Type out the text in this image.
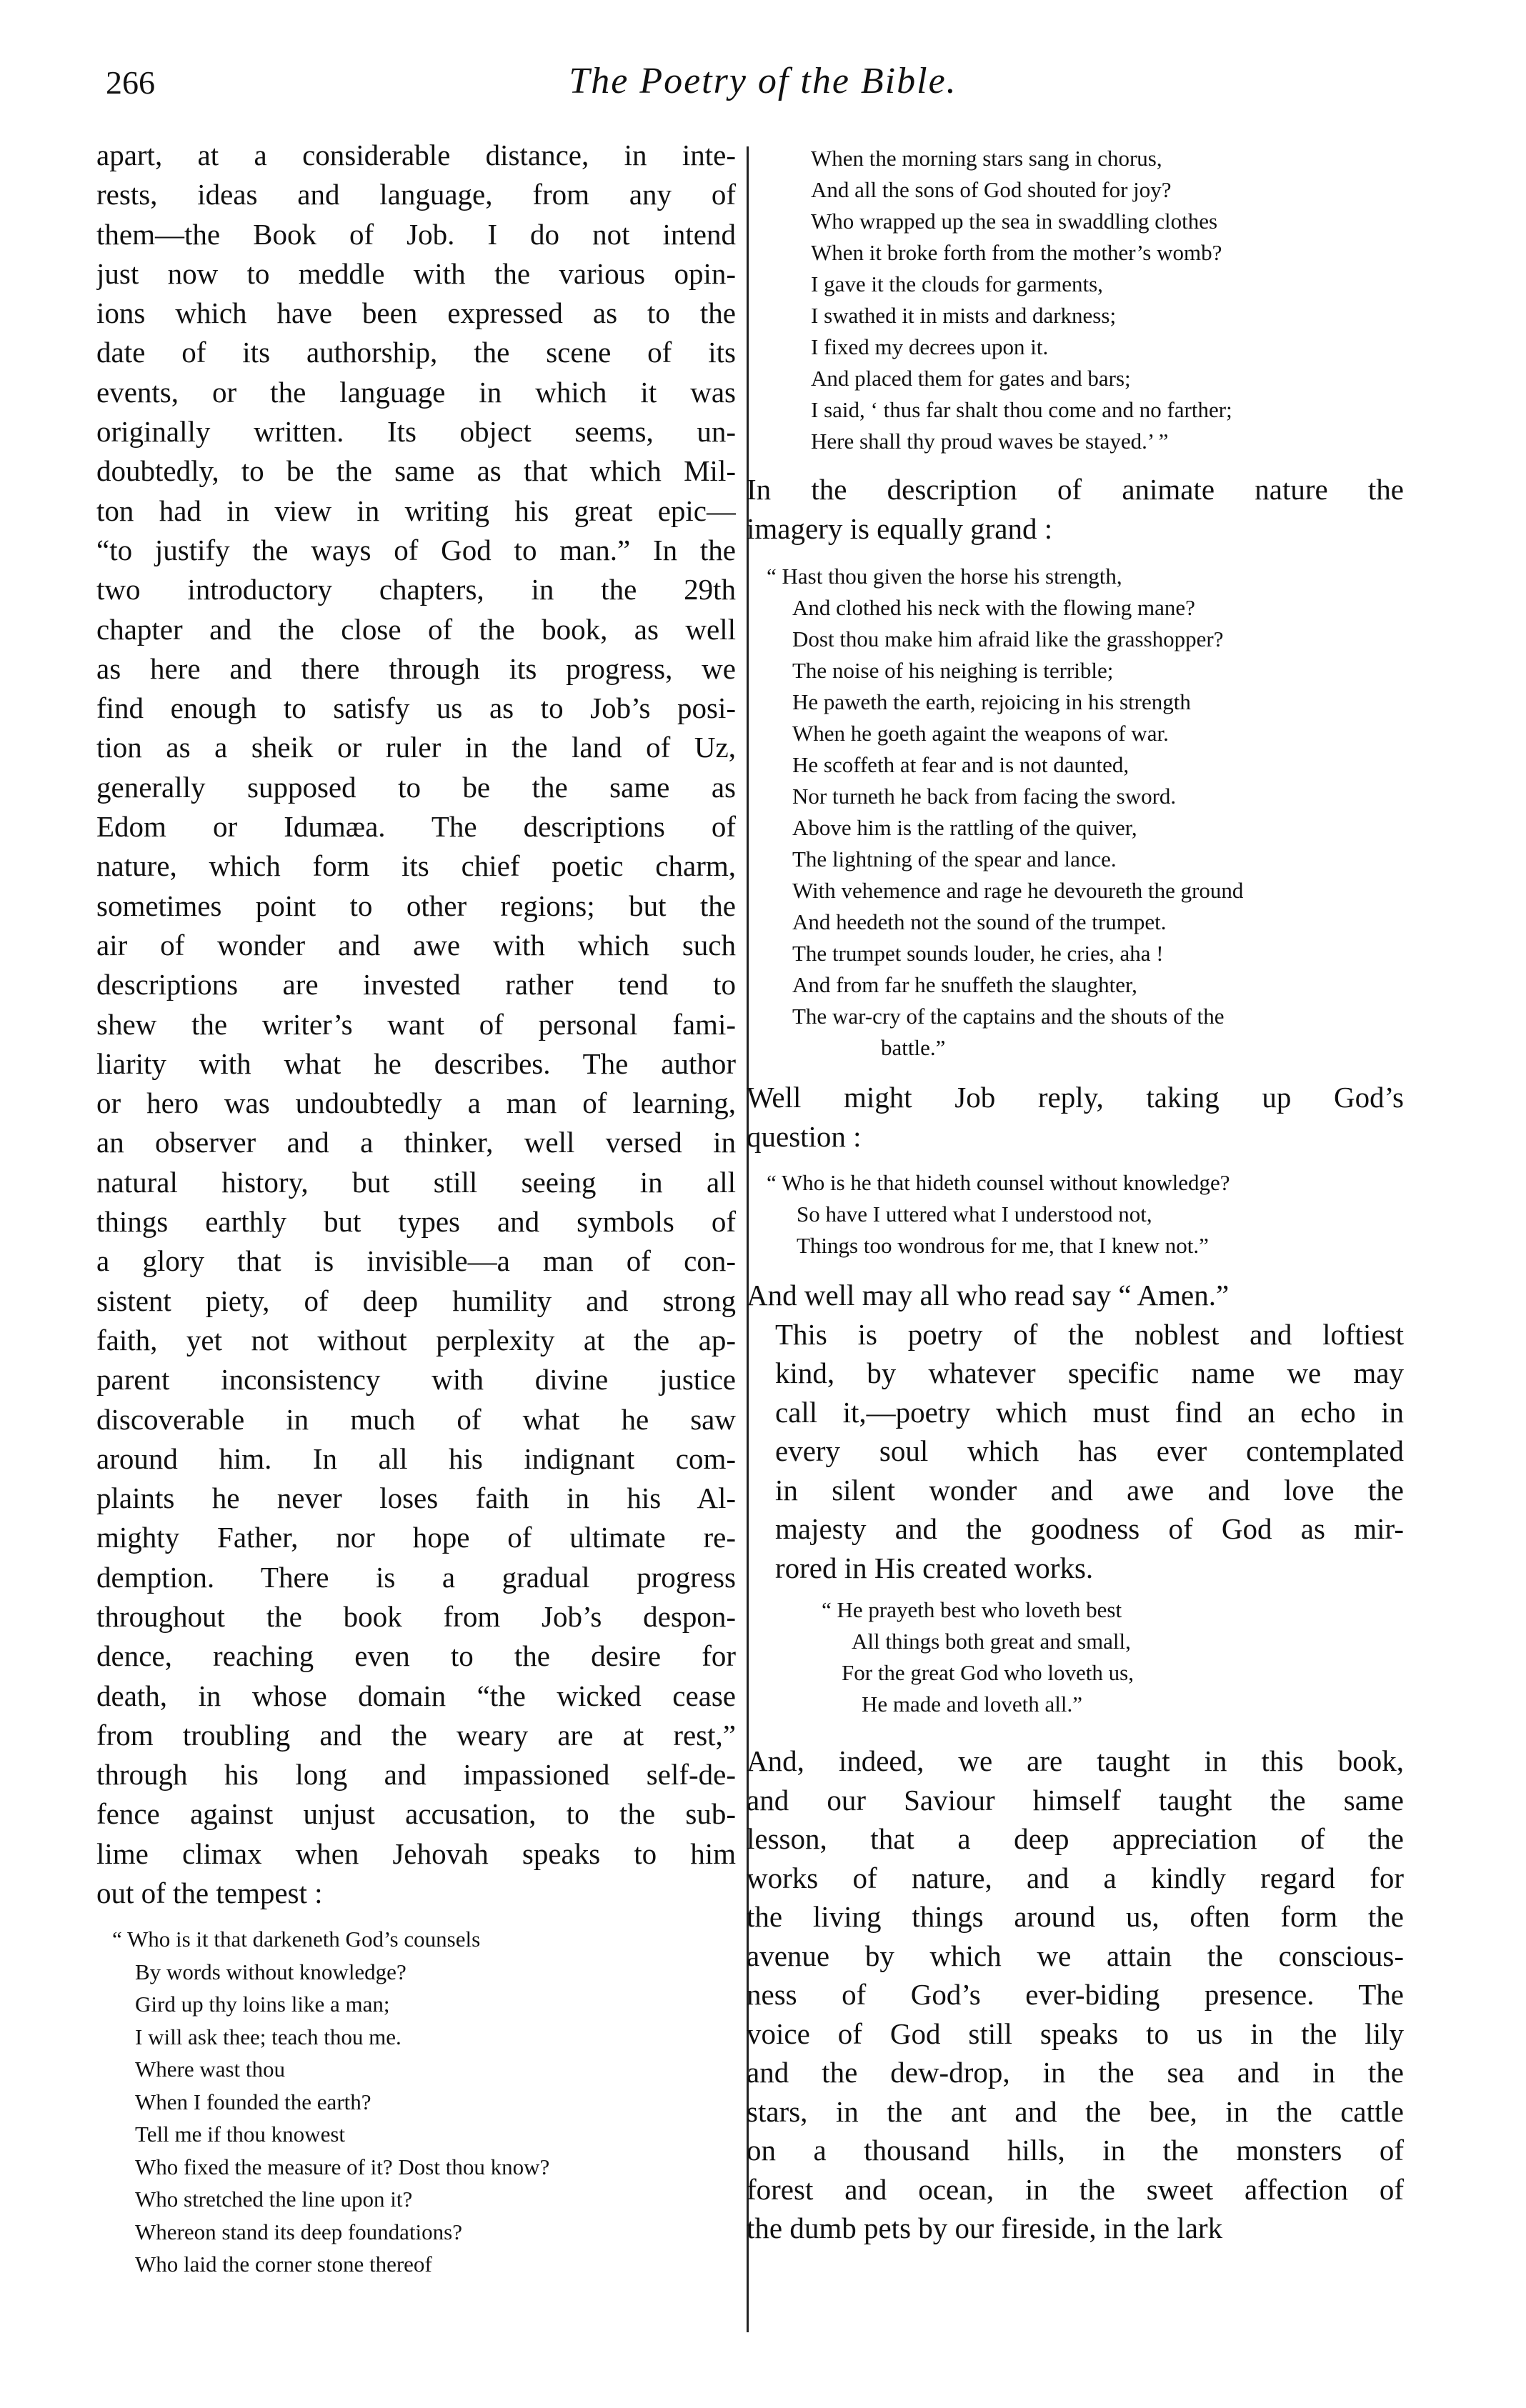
266	The Poetry of the Bible.
apart, at a considerable distance, in inte-
rests, ideas and language, from any of
them—the Book of Job. I do not intend
just now to meddle with the various opin-
ions which have been expressed as to the
date of its authorship, the scene of its
events, or the language in which it was
originally written. Its object seems, un-
doubtedly, to be the same as that which Mil-
ton had in view in writing his great epic—
“to justify the ways of God to man.” In the
two introductory chapters, in the 29th
chapter and the close of the book, as well
as here and there through its progress, we
find enough to satisfy us as to Job’s posi-
tion as a sheik or ruler in the land of Uz,
generally supposed to be the same as
Edom or Idumæa. The descriptions of
nature, which form its chief poetic charm,
sometimes point to other regions; but the
air of wonder and awe with which such
descriptions are invested rather tend to
shew the writer’s want of personal fami-
liarity with what he describes. The author
or hero was undoubtedly a man of learning,
an observer and a thinker, well versed in
natural history, but still seeing in all
things earthly but types and symbols of
a glory that is invisible—a man of con-
sistent piety, of deep humility and strong
faith, yet not without perplexity at the ap-
parent inconsistency with divine justice
discoverable in much of what he saw
around him. In all his indignant com-
plaints he never loses faith in his Al-
mighty Father, nor hope of ultimate re-
demption. There is a gradual progress
throughout the book from Job’s despon-
dence, reaching even to the desire for
death, in whose domain “the wicked cease
from troubling and the weary are at rest,”
through his long and impassioned self-de-
fence against unjust accusation, to the sub-
lime climax when Jehovah speaks to him
out of the tempest :
“ Who is it that darkeneth God’s counsels
By words without knowledge?
Gird up thy loins like a man;
I will ask thee; teach thou me.
Where wast thou
When I founded the earth?
Tell me if thou knowest
Who fixed the measure of it? Dost thou know?
Who stretched the line upon it?
Whereon stand its deep foundations?
Who laid the corner stone thereof
When the morning stars sang in chorus,
And all the sons of God shouted for joy?
Who wrapped up the sea in swaddling clothes
When it broke forth from the mother’s womb?
I gave it the clouds for garments,
I swathed it in mists and darkness;
I fixed my decrees upon it.
And placed them for gates and bars;
I said, ‘ thus far shalt thou come and no farther;
Here shall thy proud waves be stayed.’ ”
In the description of animate nature the
imagery is equally grand :
“ Hast thou given the horse his strength,
And clothed his neck with the flowing mane?
Dost thou make him afraid like the grasshopper?
The noise of his neighing is terrible;
He paweth the earth, rejoicing in his strength
When he goeth againt the weapons of war.
He scoffeth at fear and is not daunted,
Nor turneth he back from facing the sword.
Above him is the rattling of the quiver,
The lightning of the spear and lance.
With vehemence and rage he devoureth the ground
And heedeth not the sound of the trumpet.
The trumpet sounds louder, he cries, aha !
And from far he snuffeth the slaughter,
The war-cry of the captains and the shouts of the
battle.”
Well might Job reply, taking up God’s
question :
“ Who is he that hideth counsel without knowledge?
So have I uttered what I understood not,
Things too wondrous for me, that I knew not.”
And well may all who read say “ Amen.”
This is poetry of the noblest and loftiest
kind, by whatever specific name we may
call it,—poetry which must find an echo in
every soul which has ever contemplated
in silent wonder and awe and love the
majesty and the goodness of God as mir-
rored in His created works.
“ He prayeth best who loveth best
All things both great and small,
For the great God who loveth us,
He made and loveth all.”
And, indeed, we are taught in this book,
and our Saviour himself taught the same
lesson, that a deep appreciation of the
works of nature, and a kindly regard for
the living things around us, often form the
avenue by which we attain the conscious-
ness of God’s ever-biding presence. The
voice of God still speaks to us in the lily
and the dew-drop, in the sea and in the
stars, in the ant and the bee, in the cattle
on a thousand hills, in the monsters of
forest and ocean, in the sweet affection of
the dumb pets by our fireside, in the lark
